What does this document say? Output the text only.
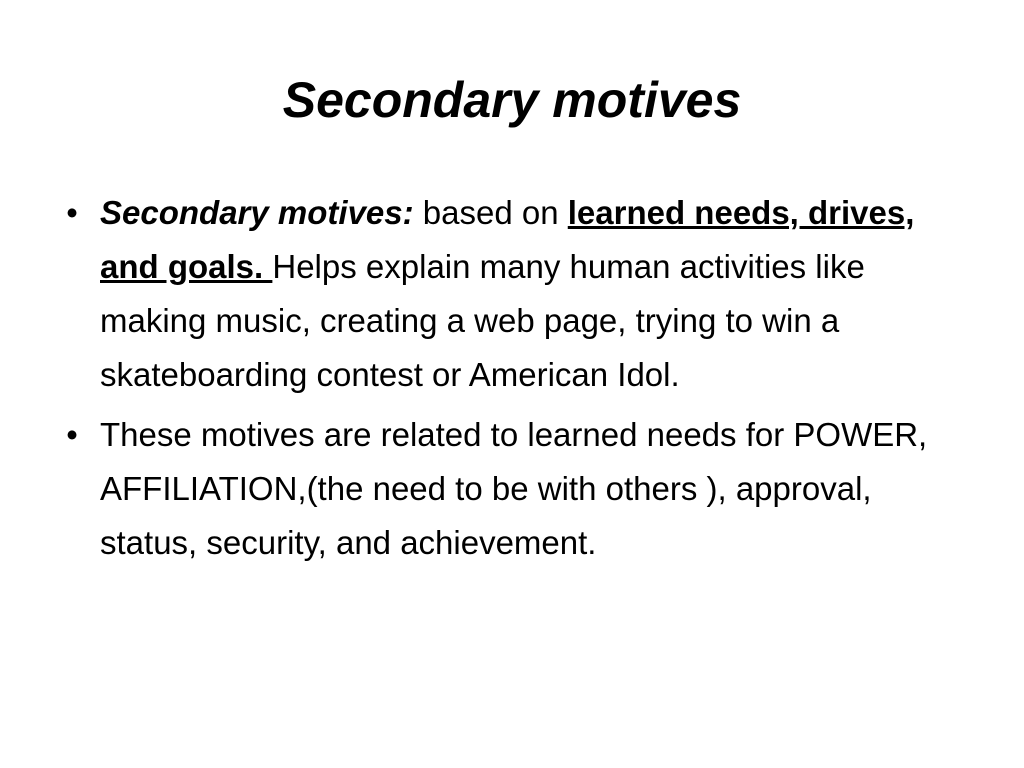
Secondary motives
• Secondary motives: based on learned needs, drives, and goals. Helps explain many human activities like making music, creating a web page, trying to win a skateboarding contest or American Idol.
• These motives are related to learned needs for POWER, AFFILIATION,(the need to be with others ), approval, status, security, and achievement.
